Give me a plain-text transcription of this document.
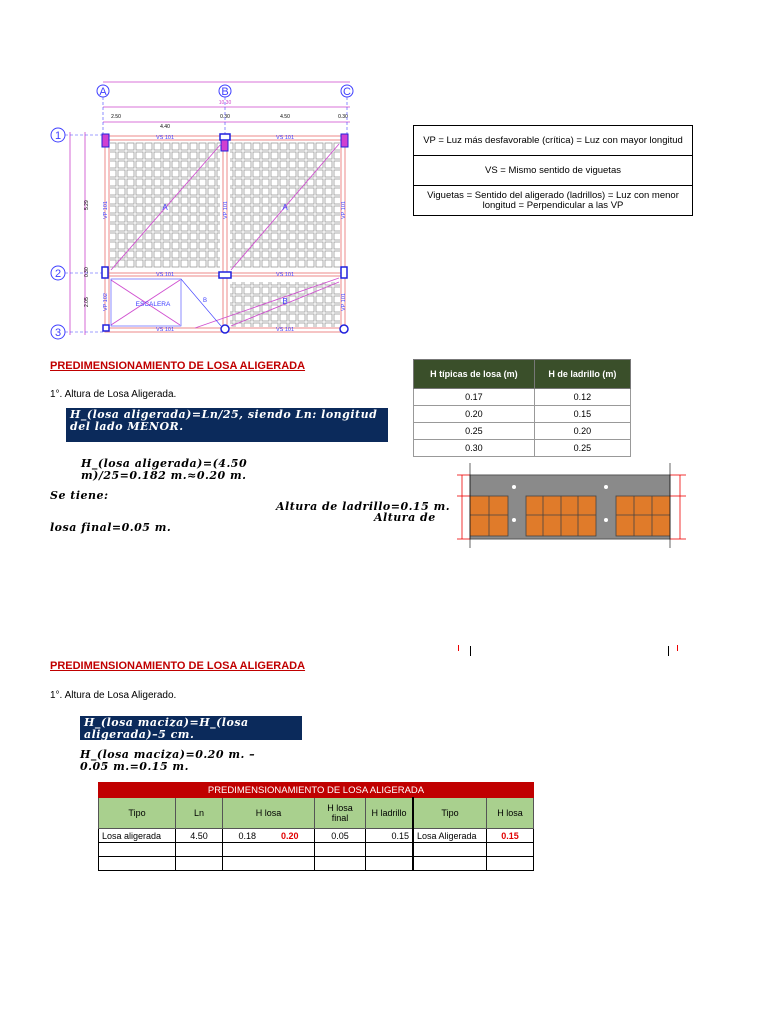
10.30
2.50
4.40
0.30	4.50	0.30
5.29
0.30
2.05
A	B	C
1
2
3
VS 101	VS 101
VS 101	VS 101
VS 101	VS 101
VP 101	VP 101	VP 101
VP 102	VP 101
A	A
B	B
ESCALERA
VP = Luz más desfavorable (crítica) = Luz con mayor longitud
VS = Mismo sentido de viguetas
Viguetas = Sentido del aligerado (ladrillos) = Luz con menor longitud = Perpendicular a las VP
PREDIMENSIONAMIENTO DE LOSA ALIGERADA
1°. Altura de Losa Aligerada.
H_(losa aligerada)=Ln/25, siendo Ln: longitud del lado MENOR.
H_(losa aligerada)=(4.50 m)/25=0.182 m.≈0.20 m.
Se tiene:
Altura de ladrillo=0.15 m.
Altura de
losa final=0.05 m.
H típicas de losa (m)	H de ladrillo (m)
0.17	0.12
0.20	0.15
0.25	0.20
0.30	0.25
PREDIMENSIONAMIENTO DE LOSA ALIGERADA
1°. Altura de Losa Aligerado.
H_(losa maciza)=H_(losa aligerada)–5 cm.
H_(losa maciza)=0.20 m. – 0.05 m.=0.15 m.
PREDIMENSIONAMIENTO DE LOSA ALIGERADA						
Tipo	Ln	H losa	H losa final	H ladrillo	Tipo	H losa
Losa aligerada	4.50	0.18 0.20	0.05	0.15	Losa Aligerada	0.15
